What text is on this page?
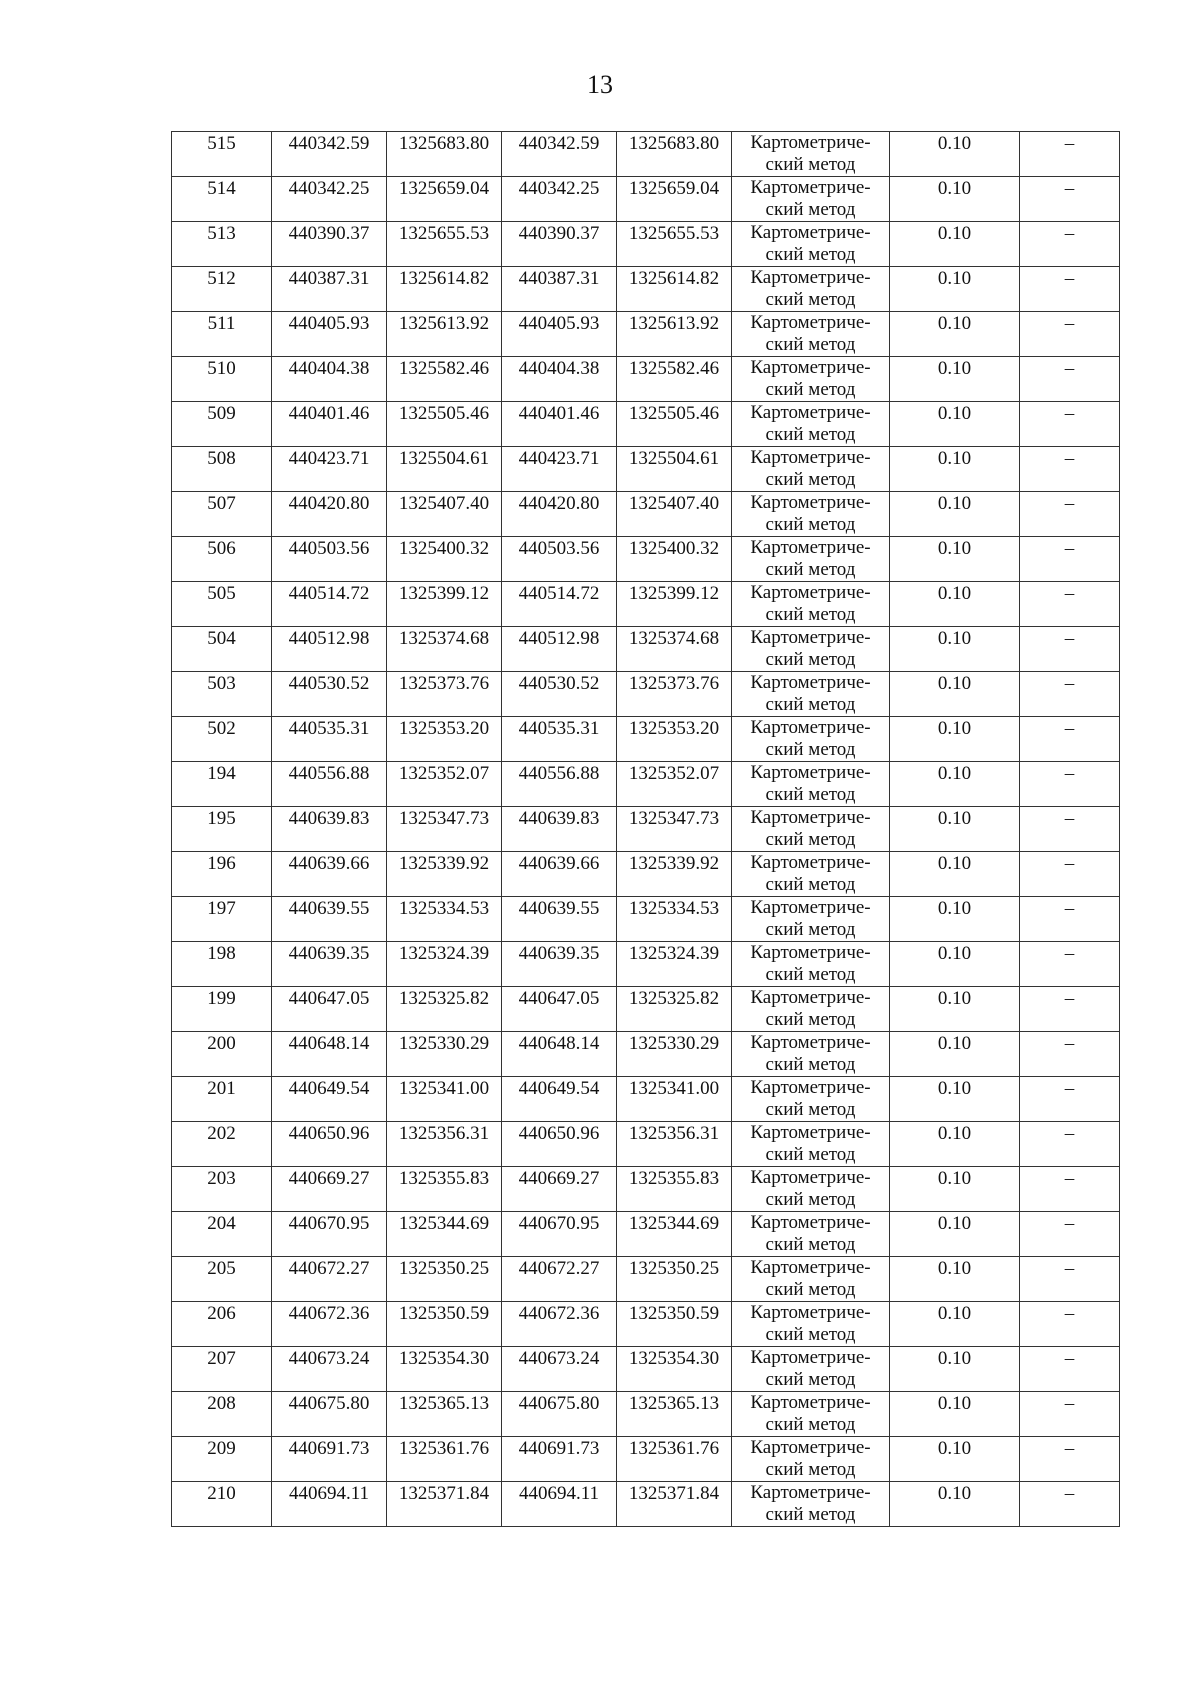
13
515	440342.59	1325683.80	440342.59	1325683.80	Картометриче-
ский метод	0.10	–
514	440342.25	1325659.04	440342.25	1325659.04	Картометриче-
ский метод	0.10	–
513	440390.37	1325655.53	440390.37	1325655.53	Картометриче-
ский метод	0.10	–
512	440387.31	1325614.82	440387.31	1325614.82	Картометриче-
ский метод	0.10	–
511	440405.93	1325613.92	440405.93	1325613.92	Картометриче-
ский метод	0.10	–
510	440404.38	1325582.46	440404.38	1325582.46	Картометриче-
ский метод	0.10	–
509	440401.46	1325505.46	440401.46	1325505.46	Картометриче-
ский метод	0.10	–
508	440423.71	1325504.61	440423.71	1325504.61	Картометриче-
ский метод	0.10	–
507	440420.80	1325407.40	440420.80	1325407.40	Картометриче-
ский метод	0.10	–
506	440503.56	1325400.32	440503.56	1325400.32	Картометриче-
ский метод	0.10	–
505	440514.72	1325399.12	440514.72	1325399.12	Картометриче-
ский метод	0.10	–
504	440512.98	1325374.68	440512.98	1325374.68	Картометриче-
ский метод	0.10	–
503	440530.52	1325373.76	440530.52	1325373.76	Картометриче-
ский метод	0.10	–
502	440535.31	1325353.20	440535.31	1325353.20	Картометриче-
ский метод	0.10	–
194	440556.88	1325352.07	440556.88	1325352.07	Картометриче-
ский метод	0.10	–
195	440639.83	1325347.73	440639.83	1325347.73	Картометриче-
ский метод	0.10	–
196	440639.66	1325339.92	440639.66	1325339.92	Картометриче-
ский метод	0.10	–
197	440639.55	1325334.53	440639.55	1325334.53	Картометриче-
ский метод	0.10	–
198	440639.35	1325324.39	440639.35	1325324.39	Картометриче-
ский метод	0.10	–
199	440647.05	1325325.82	440647.05	1325325.82	Картометриче-
ский метод	0.10	–
200	440648.14	1325330.29	440648.14	1325330.29	Картометриче-
ский метод	0.10	–
201	440649.54	1325341.00	440649.54	1325341.00	Картометриче-
ский метод	0.10	–
202	440650.96	1325356.31	440650.96	1325356.31	Картометриче-
ский метод	0.10	–
203	440669.27	1325355.83	440669.27	1325355.83	Картометриче-
ский метод	0.10	–
204	440670.95	1325344.69	440670.95	1325344.69	Картометриче-
ский метод	0.10	–
205	440672.27	1325350.25	440672.27	1325350.25	Картометриче-
ский метод	0.10	–
206	440672.36	1325350.59	440672.36	1325350.59	Картометриче-
ский метод	0.10	–
207	440673.24	1325354.30	440673.24	1325354.30	Картометриче-
ский метод	0.10	–
208	440675.80	1325365.13	440675.80	1325365.13	Картометриче-
ский метод	0.10	–
209	440691.73	1325361.76	440691.73	1325361.76	Картометриче-
ский метод	0.10	–
210	440694.11	1325371.84	440694.11	1325371.84	Картометриче-
ский метод	0.10	–
